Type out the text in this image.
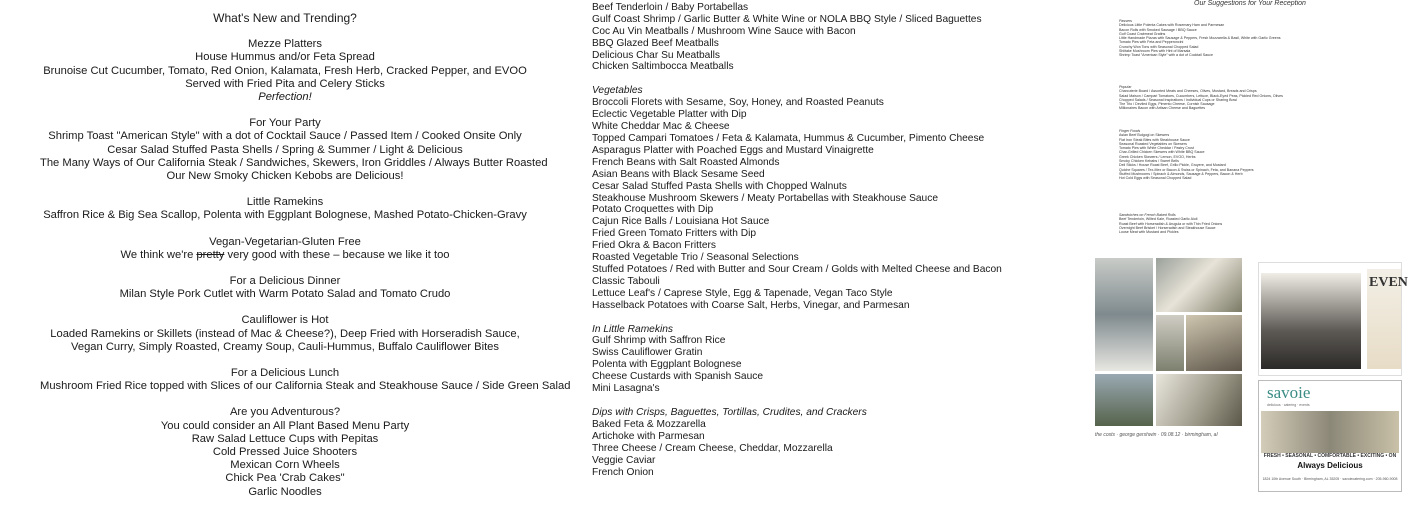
What's New and Trending?
Mezze Platters
House Hummus and/or Feta Spread
Brunoise Cut Cucumber, Tomato, Red Onion, Kalamata, Fresh Herb, Cracked Pepper, and EVOO
Served with Fried Pita and Celery Sticks
Perfection!
For Your Party
Shrimp Toast "American Style" with a dot of Cocktail Sauce / Passed Item / Cooked Onsite Only
Cesar Salad Stuffed Pasta Shells / Spring & Summer / Light & Delicious
The Many Ways of Our California Steak / Sandwiches, Skewers, Iron Griddles / Always Butter Roasted
Our New Smoky Chicken Kebobs are Delicious!
Little Ramekins
Saffron Rice & Big Sea Scallop, Polenta with Eggplant Bolognese, Mashed Potato-Chicken-Gravy
Vegan-Vegetarian-Gluten Free
We think we're pretty very good with these – because we like it too
For a Delicious Dinner
Milan Style Pork Cutlet with Warm Potato Salad and Tomato Crudo
Cauliflower is Hot
Loaded Ramekins or Skillets (instead of Mac & Cheese?), Deep Fried with Horseradish Sauce,
Vegan Curry, Simply Roasted, Creamy Soup, Cauli-Hummus, Buffalo Cauliflower Bites
For a Delicious Lunch
Mushroom Fried Rice topped with Slices of our California Steak and Steakhouse Sauce / Side Green Salad
Are you Adventurous?
You could consider an All Plant Based Menu Party
Raw Salad Lettuce Cups with Pepitas
Cold Pressed Juice Shooters
Mexican Corn Wheels
Chick Pea 'Crab Cakes"
Garlic Noodles
Beef Tenderloin / Baby Portabellas
Gulf Coast Shrimp / Garlic Butter & White Wine or NOLA BBQ Style / Sliced Baguettes
Coc Au Vin Meatballs / Mushroom Wine Sauce with Bacon
BBQ Glazed Beef Meatballs
Delicious Char Su Meatballs
Chicken Saltimbocca Meatballs
Vegetables
Broccoli Florets with Sesame, Soy, Honey, and Roasted Peanuts
Eclectic Vegetable Platter with Dip
White Cheddar Mac & Cheese
Topped Campari Tomatoes / Feta & Kalamata, Hummus & Cucumber, Pimento Cheese
Asparagus Platter with Poached Eggs and Mustard Vinaigrette
French Beans with Salt Roasted Almonds
Asian Beans with Black Sesame Seed
Cesar Salad Stuffed Pasta Shells with Chopped Walnuts
Steakhouse Mushroom Skewers / Meaty Portabellas with Steakhouse Sauce
Potato Croquettes with Dip
Cajun Rice Balls / Louisiana Hot Sauce
Fried Green Tomato Fritters with Dip
Fried Okra & Bacon Fritters
Roasted Vegetable Trio / Seasonal Selections
Stuffed Potatoes / Red with Butter and Sour Cream / Golds with Melted Cheese and Bacon
Classic Tabouli
Lettuce Leaf's / Caprese Style, Egg & Tapenade, Vegan Taco Style
Hasselback Potatoes with Coarse Salt, Herbs, Vinegar, and Parmesan
In Little Ramekins
Gulf Shrimp with Saffron Rice
Swiss Cauliflower Gratin
Polenta with Eggplant Bolognese
Cheese Custards with Spanish Sauce
Mini Lasagna's
Dips with Crisps, Baguettes, Tortillas, Crudites, and Crackers
Baked Feta & Mozzarella
Artichoke with Parmesan
Three Cheese / Cream Cheese, Cheddar, Mozzarella
Veggie Caviar
French Onion
Our Suggestions for Your Reception
Passers
Delicious Little Polenta Cakes with Rosemary Ham and Parmesan
Bacon Rolls with Smoked Sausage / BBQ Sauce
Gulf Coast Crabmeat Gratins
Little Handmade Pizzas with Sausage & Peppers, Fresh Mozzarella & Basil, White with Garlic Greens
Tomato Pies with Feta and Pepperoncini
Crunchy Won Tons with Seasonal Chopped Salad
Shiitake Mushroom Pies with Hint of Marsala
Shrimp Toast "American Style" with a dot of Cocktail Sauce
Popular
Charcuterie Board / Assorted Meats and Cheeses, Olives, Mustard, Breads and Crisps
Salad Maison / Campari Tomatoes, Cucumbers, Lettuce, Black-Eyed Peas, Pickled Red Onions, Olives
Chopped Salads / Seasonal Inspirations / Individual Cups or Sharing Bowl
The Trio / Deviled Eggs, Pimento Cheese, Cornish Sausage
Millionaires Bacon with Artisan Cheese and Baguettes
Finger Foods
Asian Beef Bulgogi on Skewers
Flat Iron Steak Bites with Steakhouse Sauce
Seasonal Roasted Vegetables on Skewers
Tomato Pies with White Cheddar / Pastry Crust
Char-Grilled Chicken Skewers with White BBQ Sauce
Greek Chicken Skewers / Lemon, EVOO, Herbs
Smoky Chicken Kebabs / Sweet Bells
Deli Sticks / House Roast Beef, Grillo Pickle, Gruyere, and Mustard
Quiche Squares / Tex-Mex or Bacon & Swiss or Spinach, Feta, and Banana Peppers
Stuffed Mushrooms / Spinach & Almonds, Sausage & Peppers, Bacon & Herb
Hot Cold Eggs with Seasonal Chopped Salad
Sandwiches on French Baked Rolls
Beef Tenderloin, Wilted Kale, Roasted Garlic Aioli
Roast Beef with Horseradish & Arugula or with Thin Fried Onions
Overnight Beef Brisket / Horseradish and Steakhouse Sauce
Loose Meat with Mustard and Pickles
the costs · george gershwin · 09.08.12 · birmingham, al
EVEN
savoie
delicious · catering · events
FRESH • SEASONAL • COMFORTABLE • EXCITING • ON
Always Delicious
1824 10th Avenue South · Birmingham, AL 35205 · savoiecatering.com · 205-960-9008
